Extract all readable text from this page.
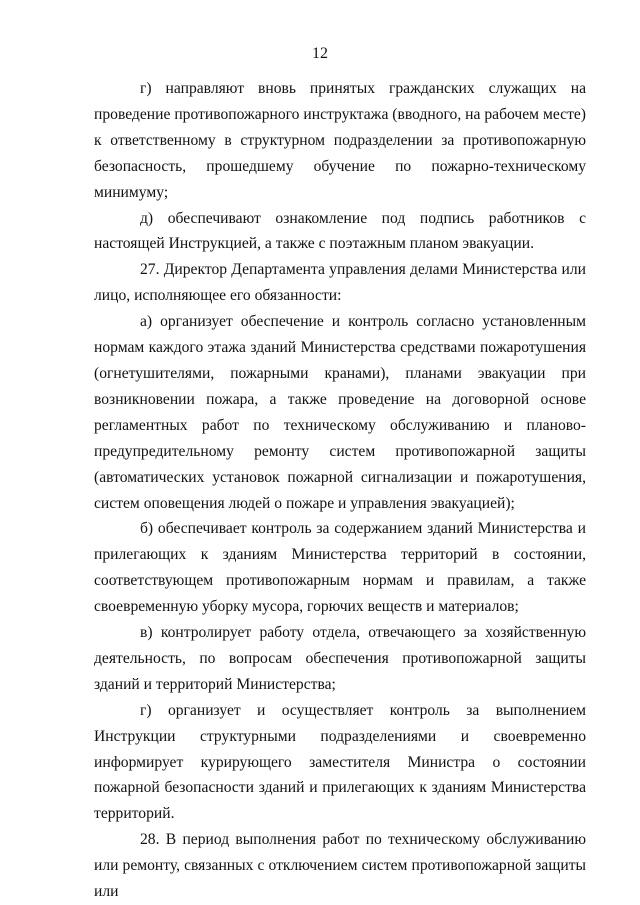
12

г) направляют вновь принятых гражданских служащих на проведение противопожарного инструктажа (вводного, на рабочем месте) к ответственному в структурном подразделении за противопожарную безопасность, прошедшему обучение по пожарно-техническому минимуму;

д) обеспечивают ознакомление под подпись работников с настоящей Инструкцией, а также с поэтажным планом эвакуации.

27. Директор Департамента управления делами Министерства или лицо, исполняющее его обязанности:

а) организует обеспечение и контроль согласно установленным нормам каждого этажа зданий Министерства средствами пожаротушения (огнетушителями, пожарными кранами), планами эвакуации при возникновении пожара, а также проведение на договорной основе регламентных работ по техническому обслуживанию и планово-предупредительному ремонту систем противопожарной защиты (автоматических установок пожарной сигнализации и пожаротушения, систем оповещения людей о пожаре и управления эвакуацией);

б) обеспечивает контроль за содержанием зданий Министерства и прилегающих к зданиям Министерства территорий в состоянии, соответствующем противопожарным нормам и правилам, а также своевременную уборку мусора, горючих веществ и материалов;

в) контролирует работу отдела, отвечающего за хозяйственную деятельность, по вопросам обеспечения противопожарной защиты зданий и территорий Министерства;

г) организует и осуществляет контроль за выполнением Инструкции структурными подразделениями и своевременно информирует курирующего заместителя Министра о состоянии пожарной безопасности зданий и прилегающих к зданиям Министерства территорий.

28. В период выполнения работ по техническому обслуживанию или ремонту, связанных с отключением систем противопожарной защиты или
